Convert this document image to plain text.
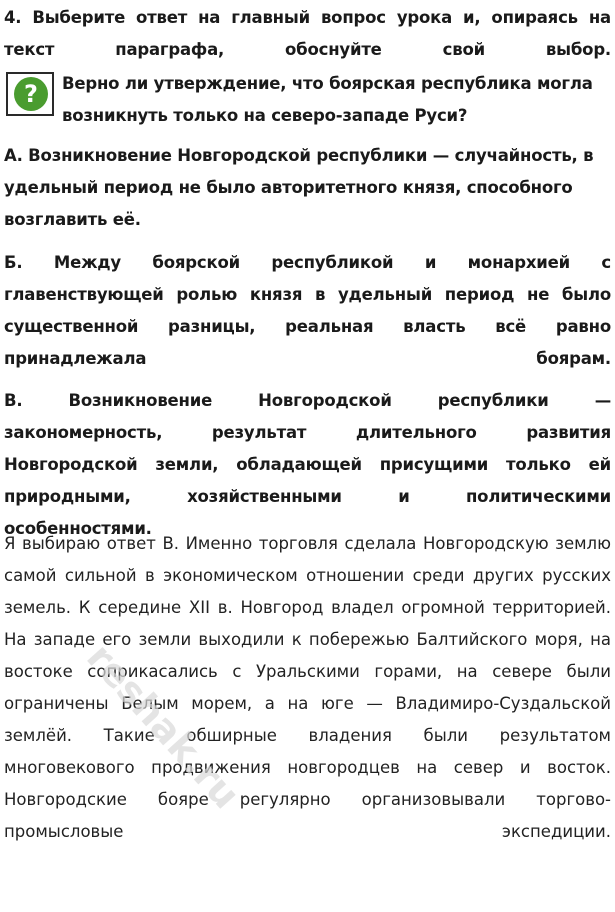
4. Выберите ответ на главный вопрос урока и, опираясь на текст параграфа, обоснуйте свой выбор.

?	Верно ли утверждение, что боярская республика могла возникнуть только на северо-западе Руси?

А. Возникновение Новгородской республики — случайность, в удельный период не было авторитетного князя, способного возглавить её.

Б. Между боярской республикой и монархией с главенствующей ролью князя в удельный период не было существенной разницы, реальная власть всё равно принадлежала боярам.

В. Возникновение Новгородской республики — закономерность, результат длительного развития Новгородской земли, обладающей присущими только ей природными, хозяйственными и политическими особенностями.

Я выбираю ответ В. Именно торговля сделала Новгородскую землю самой сильной в экономическом отношении среди других русских земель. К середине XII в. Новгород владел огромной территорией. На западе его земли выходили к побережью Балтийского моря, на востоке соприкасались с Уральскими горами, на севере были ограничены Белым морем, а на юге — Владимиро-Суздальской землёй. Такие обширные владения были результатом многовекового продвижения новгородцев на север и восток. Новгородские бояре регулярно организовывали торгово-промысловые экспедиции.

reshak.ru
